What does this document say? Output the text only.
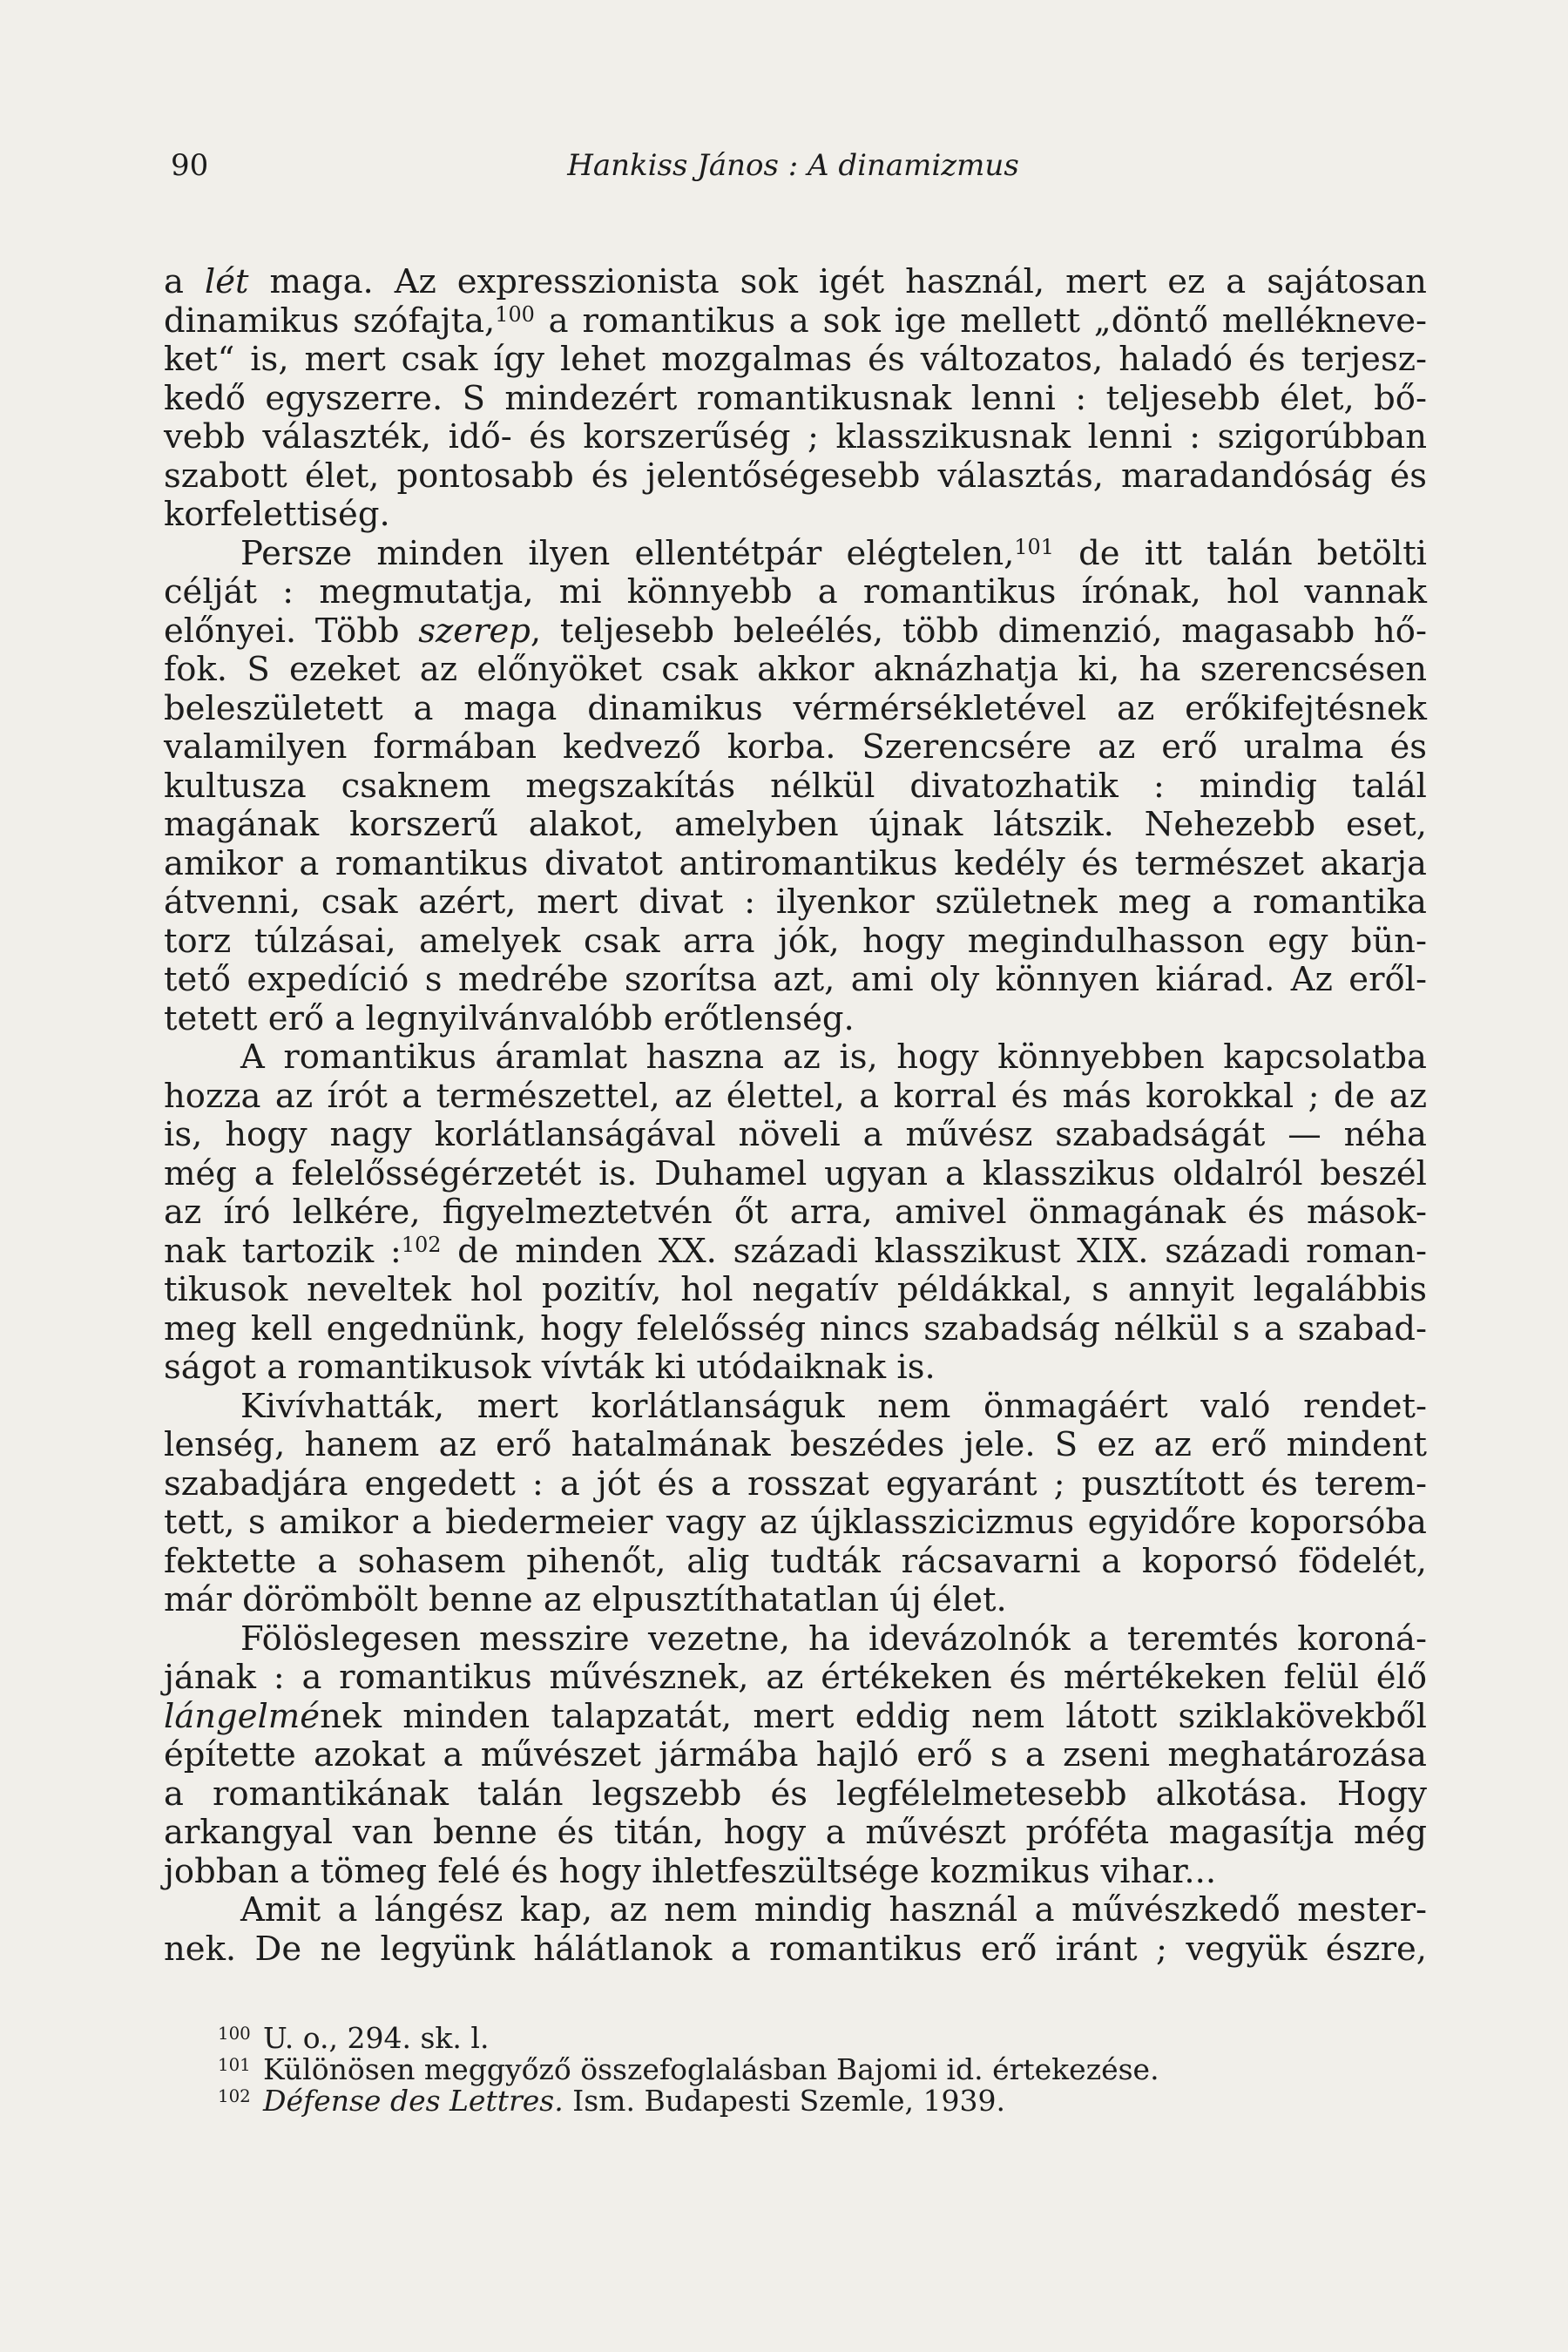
90	Hankiss János : A dinamizmus
a lét maga. Az expresszionista sok igét használ, mert ez a sajátosan
dinamikus szófajta,$^{100}$ a romantikus a sok ige mellett „döntő mellékneve-
ket“ is, mert csak így lehet mozgalmas és változatos, haladó és terjesz-
kedő egyszerre. S mindezért romantikusnak lenni : teljesebb élet, bő-
vebb választék, idő- és korszerűség ; klasszikusnak lenni : szigorúbban
szabott élet, pontosabb és jelentőségesebb választás, maradandóság és
korfelettiség.
Persze minden ilyen ellentétpár elégtelen,$^{101}$ de itt talán betölti
célját : megmutatja, mi könnyebb a romantikus írónak, hol vannak
előnyei. Több szerep, teljesebb beleélés, több dimenzió, magasabb hő-
fok. S ezeket az előnyöket csak akkor aknázhatja ki, ha szerencsésen
beleszületett a maga dinamikus vérmérsékletével az erőkifejtésnek
valamilyen formában kedvező korba. Szerencsére az erő uralma és
kultusza csaknem megszakítás nélkül divatozhatik : mindig talál
magának korszerű alakot, amelyben újnak látszik. Nehezebb eset,
amikor a romantikus divatot antiromantikus kedély és természet akarja
átvenni, csak azért, mert divat : ilyenkor születnek meg a romantika
torz túlzásai, amelyek csak arra jók, hogy megindulhasson egy bün-
tető expedíció s medrébe szorítsa azt, ami oly könnyen kiárad. Az eről-
tetett erő a legnyilvánvalóbb erőtlenség.
A romantikus áramlat haszna az is, hogy könnyebben kapcsolatba
hozza az írót a természettel, az élettel, a korral és más korokkal ; de az
is, hogy nagy korlátlanságával növeli a művész szabadságát — néha
még a felelősségérzetét is. Duhamel ugyan a klasszikus oldalról beszél
az író lelkére, figyelmeztetvén őt arra, amivel önmagának és mások-
nak tartozik :$^{102}$ de minden XX. századi klasszikust XIX. századi roman-
tikusok neveltek hol pozitív, hol negatív példákkal, s annyit legalábbis
meg kell engednünk, hogy felelősség nincs szabadság nélkül s a szabad-
ságot a romantikusok vívták ki utódaiknak is.
Kivívhatták, mert korlátlanságuk nem önmagáért való rendet-
lenség, hanem az erő hatalmának beszédes jele. S ez az erő mindent
szabadjára engedett : a jót és a rosszat egyaránt ; pusztított és terem-
tett, s amikor a biedermeier vagy az újklasszicizmus egyidőre koporsóba
fektette a sohasem pihenőt, alig tudták rácsavarni a koporsó födelét,
már dörömbölt benne az elpusztíthatatlan új élet.
Fölöslegesen messzire vezetne, ha idevázolnók a teremtés koroná-
jának : a romantikus művésznek, az értékeken és mértékeken felül élő
lángelmének minden talapzatát, mert eddig nem látott sziklakövekből
építette azokat a művészet jármába hajló erő s a zseni meghatározása
a romantikának talán legszebb és legfélelmetesebb alkotása. Hogy
arkangyal van benne és titán, hogy a művészt próféta magasítja még
jobban a tömeg felé és hogy ihletfeszültsége kozmikus vihar...
Amit a lángész kap, az nem mindig használ a művészkedő mester-
nek. De ne legyünk hálátlanok a romantikus erő iránt ; vegyük észre,
$^{100}$ U. o., 294. sk. l.
$^{101}$ Különösen meggyőző összefoglalásban Bajomi id. értekezése.
$^{102}$ Défense des Lettres. Ism. Budapesti Szemle, 1939.
